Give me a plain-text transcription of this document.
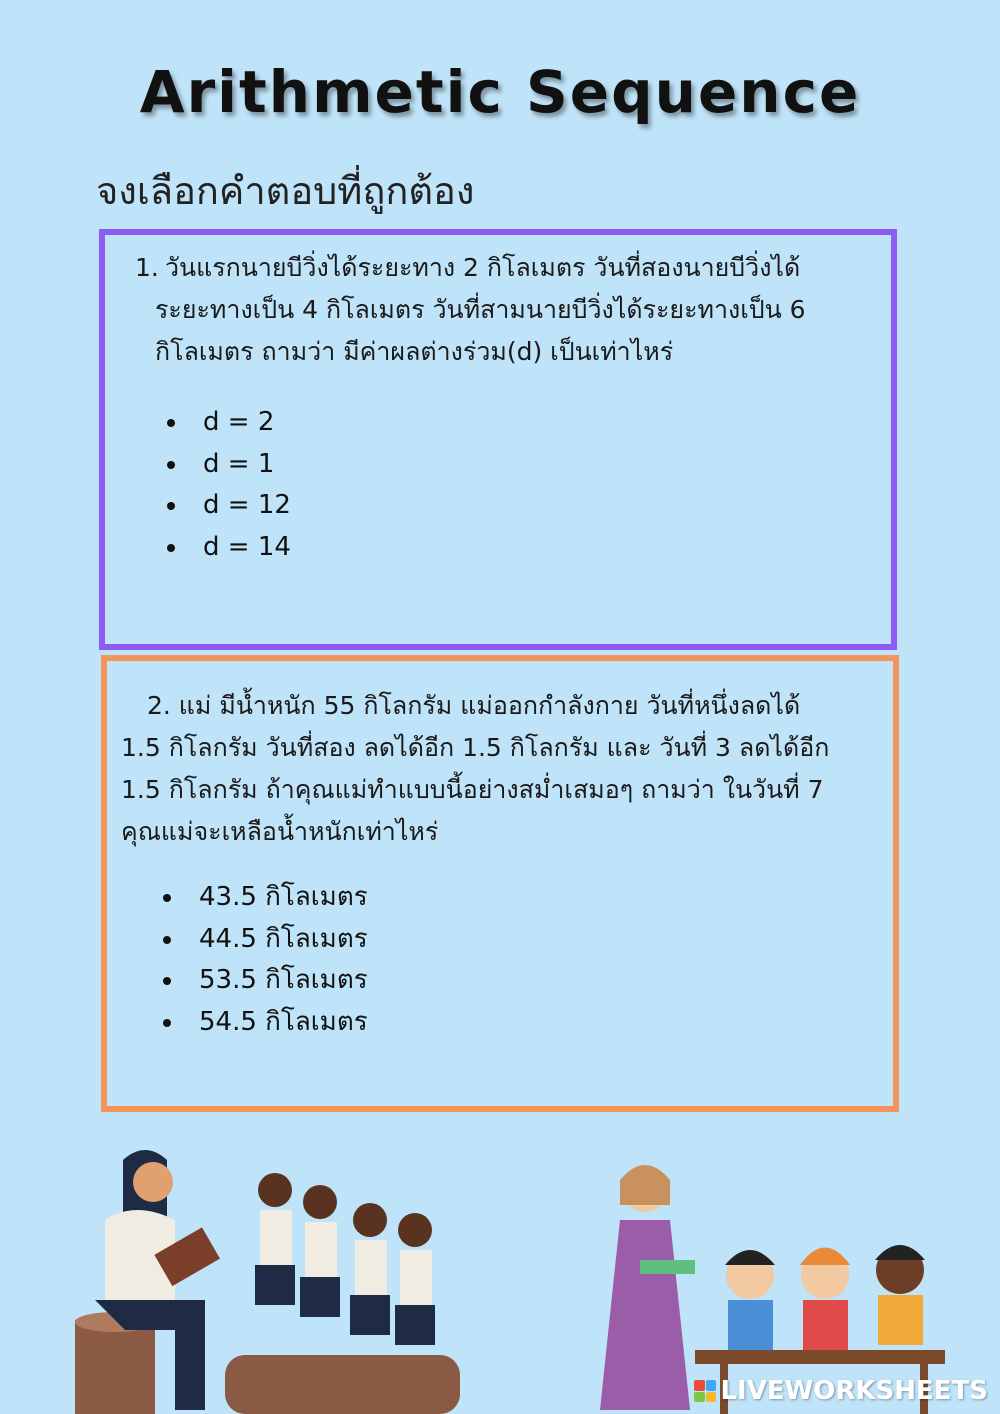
Arithmetic Sequence
จงเลือกคำตอบที่ถูกต้อง
1. วันแรกนายบีวิ่งได้ระยะทาง 2 กิโลเมตร วันที่สองนายบีวิ่งได้
ระยะทางเป็น 4 กิโลเมตร วันที่สามนายบีวิ่งได้ระยะทางเป็น 6
กิโลเมตร ถามว่า มีค่าผลต่างร่วม(d) เป็นเท่าไหร่
d = 2
d = 1
d = 12
d = 14
2. แม่ มีน้ำหนัก 55 กิโลกรัม แม่ออกกำลังกาย วันที่หนึ่งลดได้
1.5 กิโลกรัม วันที่สอง ลดได้อีก 1.5 กิโลกรัม และ วันที่ 3 ลดได้อีก
1.5 กิโลกรัม ถ้าคุณแม่ทำแบบนี้อย่างสม่ำเสมอๆ ถามว่า ในวันที่ 7
คุณแม่จะเหลือน้ำหนักเท่าไหร่
43.5 กิโลเมตร
44.5 กิโลเมตร
53.5 กิโลเมตร
54.5 กิโลเมตร
LIVEWORKSHEETS
